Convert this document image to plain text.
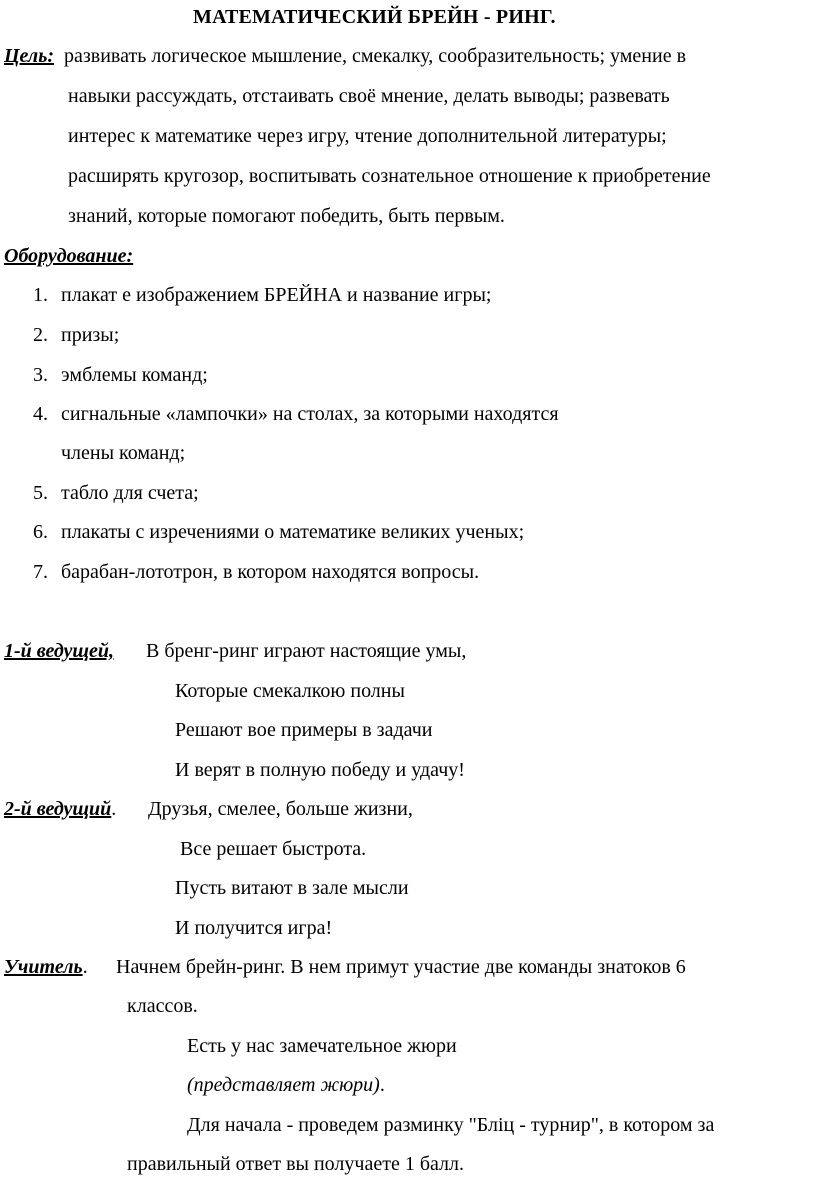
МАТЕМАТИЧЕСКИЙ БРЕЙН - РИНГ.
Цель: развивать логическое мышление, смекалку, сообразительность; умение в
навыки рассуждать, отстаивать своё мнение, делать выводы; развевать
интерес к математике через игру, чтение дополнительной литературы;
расширять кругозор, воспитывать сознательное отношение к приобретение
знаний, которые помогают победить, быть первым.
Оборудование:
1. плакат е изображением БРЕЙНА и название игры;
2. призы;
3. эмблемы команд;
4. сигнальные «лампочки» на столах, за которыми находятся
члены команд;
5. табло для счета;
6. плакаты с изречениями о математике великих ученых;
7. барабан-лототрон, в котором находятся вопросы.
1-й ведущей, В бренг-ринг играют настоящие умы,
Которые смекалкою полны
Решают вое примеры в задачи
И верят в полную победу и удачу!
2-й ведущий. Друзья, смелее, больше жизни,
Все решает быстрота.
Пусть витают в зале мысли
И получится игра!
Учитель. Начнем брейн-ринг. В нем примут участие две команды знатоков 6
классов.
Есть у нас замечательное жюри
(представляет жюри).
Для начала - проведем разминку "Бліц - турнир", в котором за
правильный ответ вы получаете 1 балл.
